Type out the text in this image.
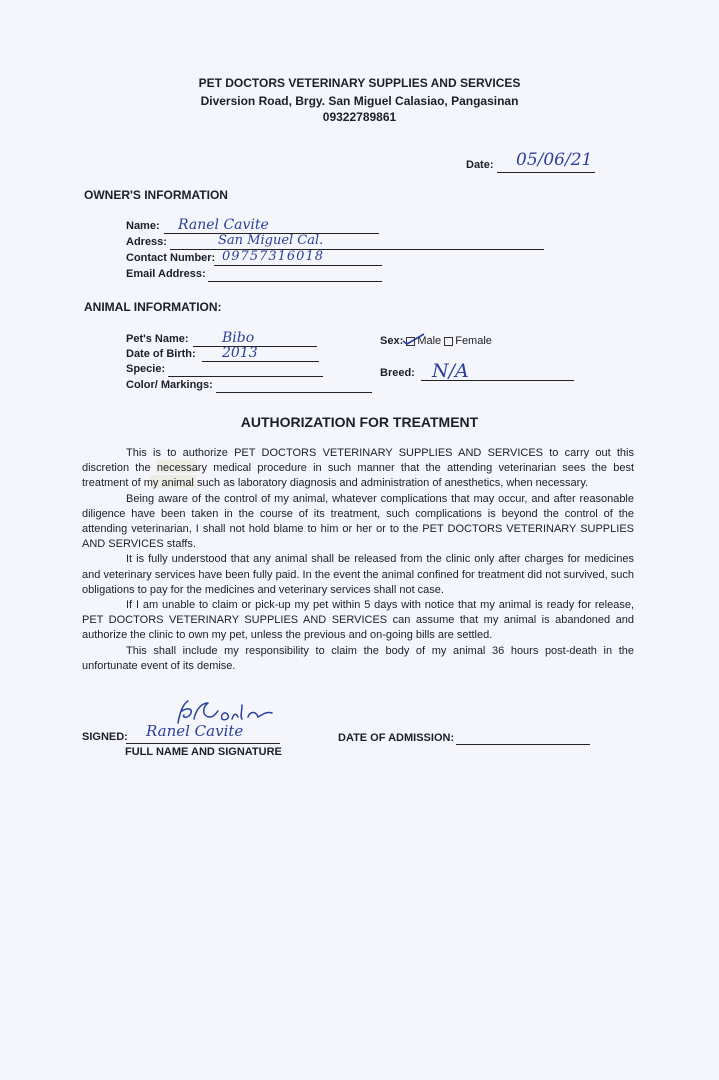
PET DOCTORS VETERINARY SUPPLIES AND SERVICES
Diversion Road, Brgy. San Miguel Calasiao, Pangasinan
09322789861
Date: 05/06/21
OWNER'S INFORMATION
Name: Ranel Cavite
Adress:	San Miguel Cal.
Contact Number: 09757316018
Email Address:
ANIMAL INFORMATION:
Pet's Name: Bibo
Date of Birth: 2013
Specie:
Color/ Markings:
Sex: Male Female
Breed: N/A
AUTHORIZATION FOR TREATMENT

This is to authorize PET DOCTORS VETERINARY SUPPLIES AND SERVICES to carry out this discretion the necessary medical procedure in such manner that the attending veterinarian sees the best treatment of my animal such as laboratory diagnosis and administration of anesthetics, when necessary.

Being aware of the control of my animal, whatever complications that may occur, and after reasonable diligence have been taken in the course of its treatment, such complications is beyond the control of the attending veterinarian, I shall not hold blame to him or her or to the PET DOCTORS VETERINARY SUPPLIES AND SERVICES staffs.

It is fully understood that any animal shall be released from the clinic only after charges for medicines and veterinary services have been fully paid. In the event the animal confined for treatment did not survived, such obligations to pay for the medicines and veterinary services shall not case.

If I am unable to claim or pick-up my pet within 5 days with notice that my animal is ready for release, PET DOCTORS VETERINARY SUPPLIES AND SERVICES can assume that my animal is abandoned and authorize the clinic to own my pet, unless the previous and on-going bills are settled.

This shall include my responsibility to claim the body of my animal 36 hours post-death in the unfortunate event of its demise.

SIGNED: Ranel Cavite
FULL NAME AND SIGNATURE
DATE OF ADMISSION:
